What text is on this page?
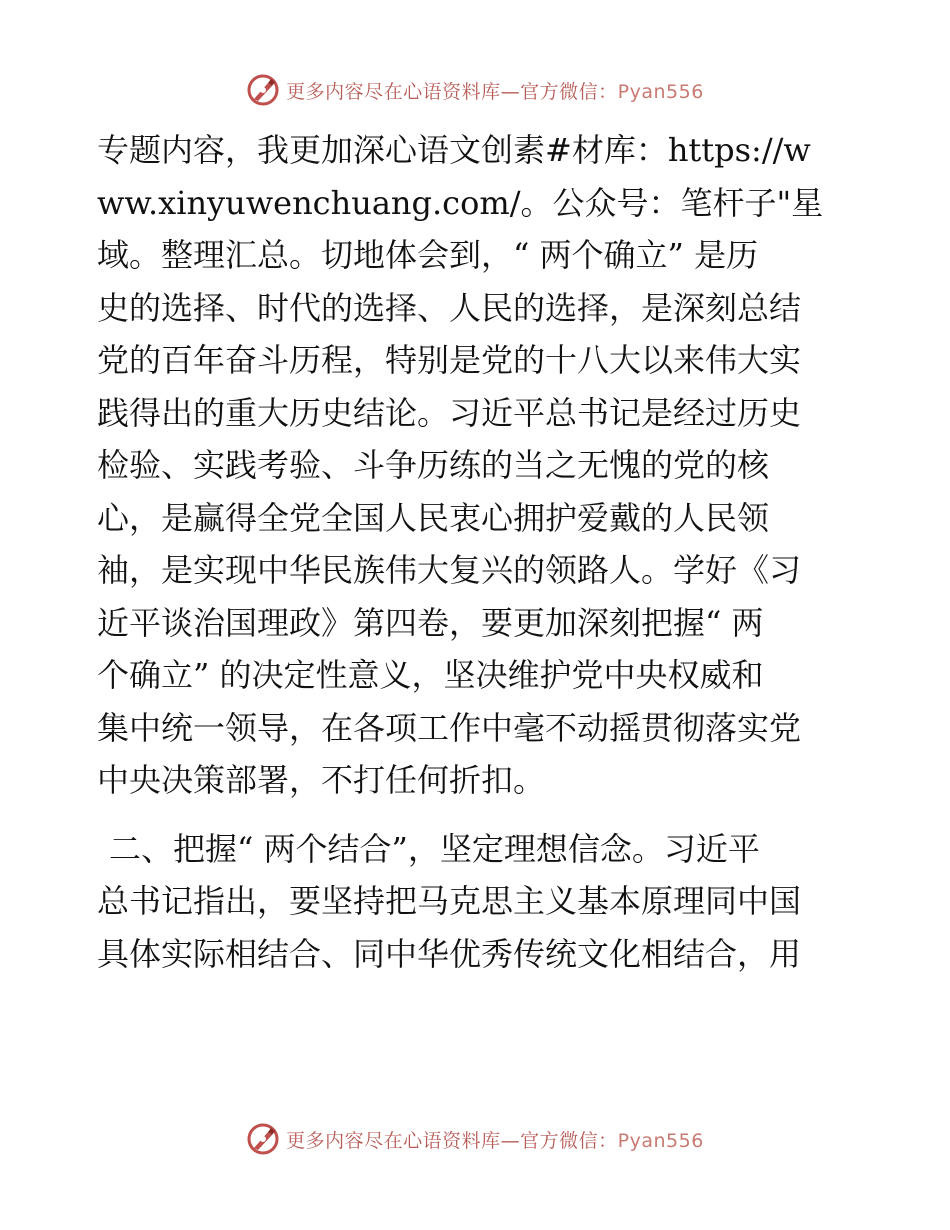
更多内容尽在心语资料库—官方微信：Pyan556
专题内容，我更加深心语文创素#材库：https://w
ww.xinyuwenchuang.com/。公众号：笔杆子"星
域。整理汇总。切地体会到，“ 两个确立” 是历
史的选择、时代的选择、人民的选择，是深刻总结
党的百年奋斗历程，特别是党的十八大以来伟大实
践得出的重大历史结论。习近平总书记是经过历史
检验、实践考验、斗争历练的当之无愧的党的核
心，是赢得全党全国人民衷心拥护爱戴的人民领
袖，是实现中华民族伟大复兴的领路人。学好《习
近平谈治国理政》第四卷，要更加深刻把握“ 两
个确立” 的决定性意义，坚决维护党中央权威和
集中统一领导，在各项工作中毫不动摇贯彻落实党
中央决策部署，不打任何折扣。
二、把握“ 两个结合”，坚定理想信念。习近平
总书记指出，要坚持把马克思主义基本原理同中国
具体实际相结合、同中华优秀传统文化相结合，用
更多内容尽在心语资料库—官方微信：Pyan556
